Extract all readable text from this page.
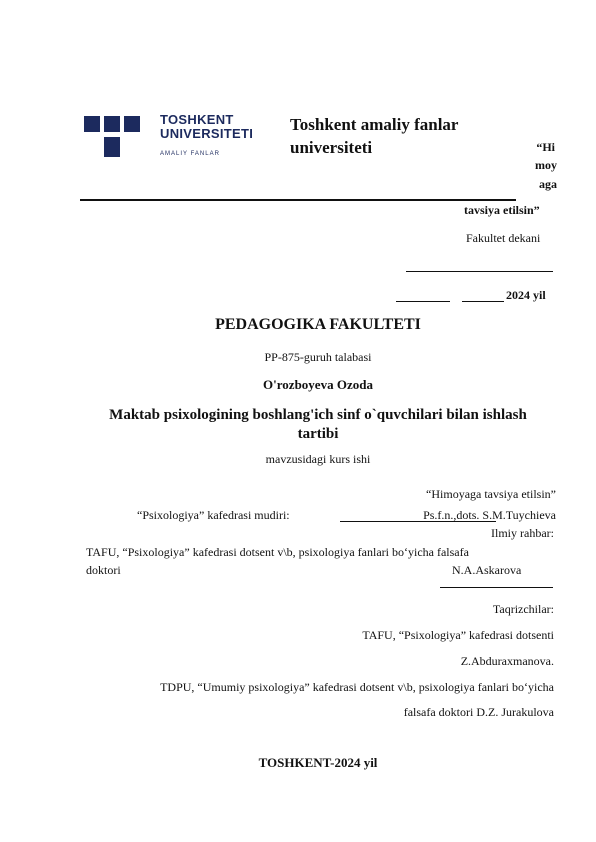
TOSHKENT
UNIVERSITETI
AMALIY FANLAR
Toshkent amaliy fanlar
universiteti	“Hi
moy
aga
tavsiya etilsin”
Fakultet dekani
2024 yil
PEDAGOGIKA FAKULTETI
PP-875-guruh talabasi
O'rozboyeva Ozoda
Maktab psixologining boshlang'ich sinf o`quvchilari bilan ishlash
tartibi
mavzusidagi kurs ishi
“Himoyaga tavsiya etilsin”
“Psixologiya” kafedrasi mudiri:	Ps.f.n.,dots. S.M.Tuychieva
Ilmiy rahbar:
TAFU, “Psixologiya” kafedrasi dotsent v\b, psixologiya fanlari bo‘yicha falsafa
doktori	N.A.Askarova
Taqrizchilar:
TAFU, “Psixologiya” kafedrasi dotsenti
Z.Abduraxmanova.
TDPU, “Umumiy psixologiya” kafedrasi dotsent v\b, psixologiya fanlari bo‘yicha
falsafa doktori D.Z. Jurakulova
TOSHKENT-2024 yil
